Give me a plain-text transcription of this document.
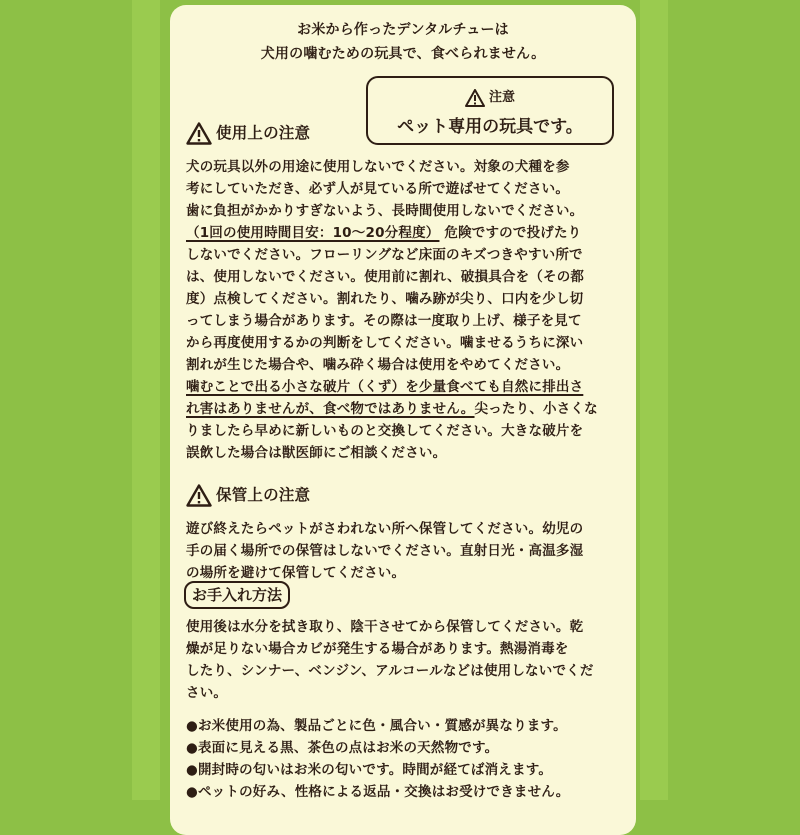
お米から作ったデンタルチューは
犬用の噛むための玩具で、食べられません。
注意
ペット専用の玩具です。
使用上の注意
犬の玩具以外の用途に使用しないでください。対象の犬種を参
考にしていただき、必ず人が見ている所で遊ばせてください。
歯に負担がかかりすぎないよう、長時間使用しないでください。
（1回の使用時間目安：10～20分程度） 危険ですので投げたり
しないでください。フローリングなど床面のキズつきやすい所で
は、使用しないでください。使用前に割れ、破損具合を（その都
度）点検してください。割れたり、噛み跡が尖り、口内を少し切
ってしまう場合があります。その際は一度取り上げ、様子を見て
から再度使用するかの判断をしてください。噛ませるうちに深い
割れが生じた場合や、噛み砕く場合は使用をやめてください。
噛むことで出る小さな破片（くず）を少量食べても自然に排出さ
れ害はありませんが、食べ物ではありません。尖ったり、小さくな
りましたら早めに新しいものと交換してください。大きな破片を
誤飲した場合は獣医師にご相談ください。
保管上の注意
遊び終えたらペットがさわれない所へ保管してください。幼児の
手の届く場所での保管はしないでください。直射日光・高温多湿
の場所を避けて保管してください。
お手入れ方法
使用後は水分を拭き取り、陰干させてから保管してください。乾
燥が足りない場合カビが発生する場合があります。熱湯消毒を
したり、シンナー、ベンジン、アルコールなどは使用しないでくだ
さい。
●お米使用の為、製品ごとに色・風合い・質感が異なります。
●表面に見える黒、茶色の点はお米の天然物です。
●開封時の匂いはお米の匂いです。時間が経てば消えます。
●ペットの好み、性格による返品・交換はお受けできません。
